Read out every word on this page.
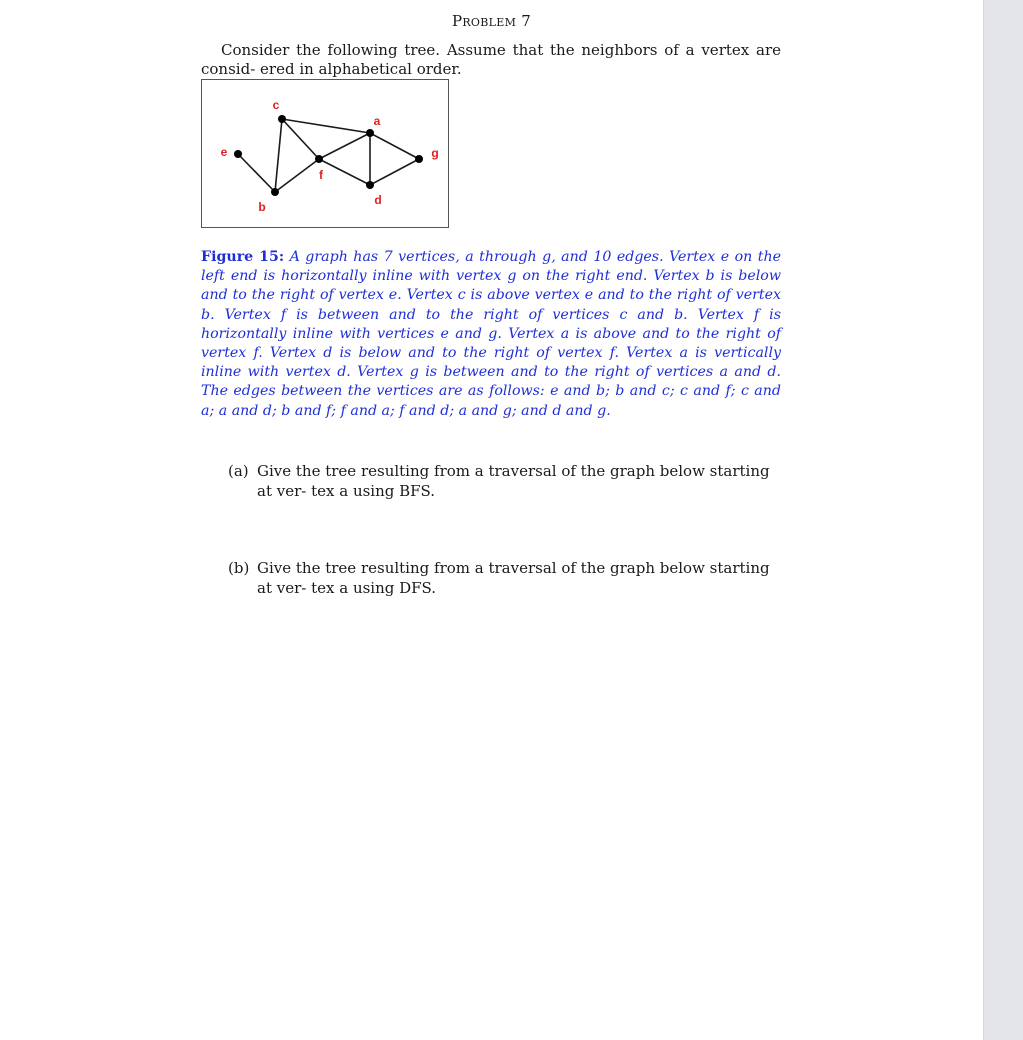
Problem 7
Consider the following tree. Assume that the neighbors of a vertex are consid- ered in alphabetical order.
c
a
e	g
f
d
b
Figure 15: A graph has 7 vertices, a through g, and 10 edges. Vertex e on the left end is horizontally inline with vertex g on the right end. Vertex b is below and to the right of vertex e. Vertex c is above vertex e and to the right of vertex b. Vertex f is between and to the right of vertices c and b. Vertex f is horizontally inline with vertices e and g. Vertex a is above and to the right of vertex f. Vertex d is below and to the right of vertex f. Vertex a is vertically inline with vertex d. Vertex g is between and to the right of vertices a and d. The edges between the vertices are as follows: e and b; b and c; c and f; c and a; a and d; b and f; f and a; f and d; a and g; and d and g.
(a) Give the tree resulting from a traversal of the graph below starting at ver- tex a using BFS.
(b) Give the tree resulting from a traversal of the graph below starting at ver- tex a using DFS.
